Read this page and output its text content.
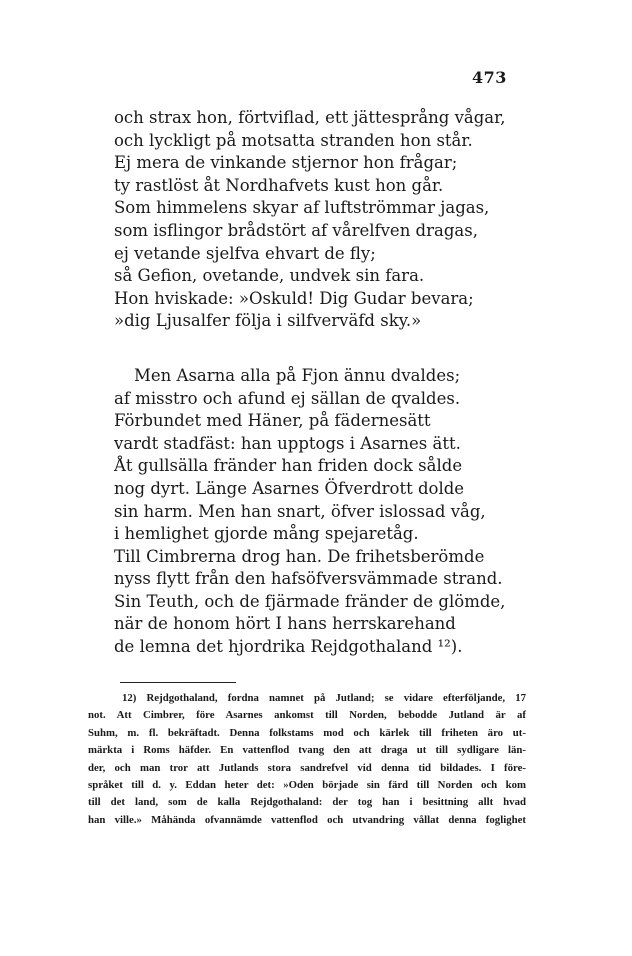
473
och strax hon, förtviflad, ett jättesprång vågar,
och lyckligt på motsatta stranden hon står.
Ej mera de vinkande stjernor hon frågar;
ty rastlöst åt Nordhafvets kust hon går.
Som himmelens skyar af luftströmmar jagas,
som isflingor brådstört af vårelfven dragas,
ej vetande sjelfva ehvart de fly;
så Gefion, ovetande, undvek sin fara.
Hon hviskade: »Oskuld! Dig Gudar bevara;
»dig Ljusalfer följa i silfverväfd sky.»
Men Asarna alla på Fjon ännu dvaldes;
af misstro och afund ej sällan de qvaldes.
Förbundet med Häner, på fädernesätt
vardt stadfäst: han upptogs i Asarnes ätt.
Åt gullsälla fränder han friden dock sålde
nog dyrt. Länge Asarnes Öfverdrott dolde
sin harm. Men han snart, öfver islossad våg,
i hemlighet gjorde mång spejaretåg.
Till Cimbrerna drog han. De frihetsberömde
nyss flytt från den hafsöfversvämmade strand.
Sin Teuth, och de fjärmade fränder de glömde,
när de honom hört I hans herrskarehand
de lemna det hjordrika Rejdgothaland ¹²).
12) Rejdgothaland, fordna namnet på Jutland; se vidare efterföljande, 17
not. Att Cimbrer, före Asarnes ankomst till Norden, bebodde Jutland är af
Suhm, m. fl. bekräftadt. Denna folkstams mod och kärlek till friheten äro ut-
märkta i Roms häfder. En vattenflod tvang den att draga ut till sydligare län-
der, och man tror att Jutlands stora sandrefvel vid denna tid bildades. I före-
språket till d. y. Eddan heter det: »Oden började sin färd till Norden och kom
till det land, som de kalla Rejdgothaland: der tog han i besittning allt hvad
han ville.» Måhända ofvannämde vattenflod och utvandring vållat denna foglighet
